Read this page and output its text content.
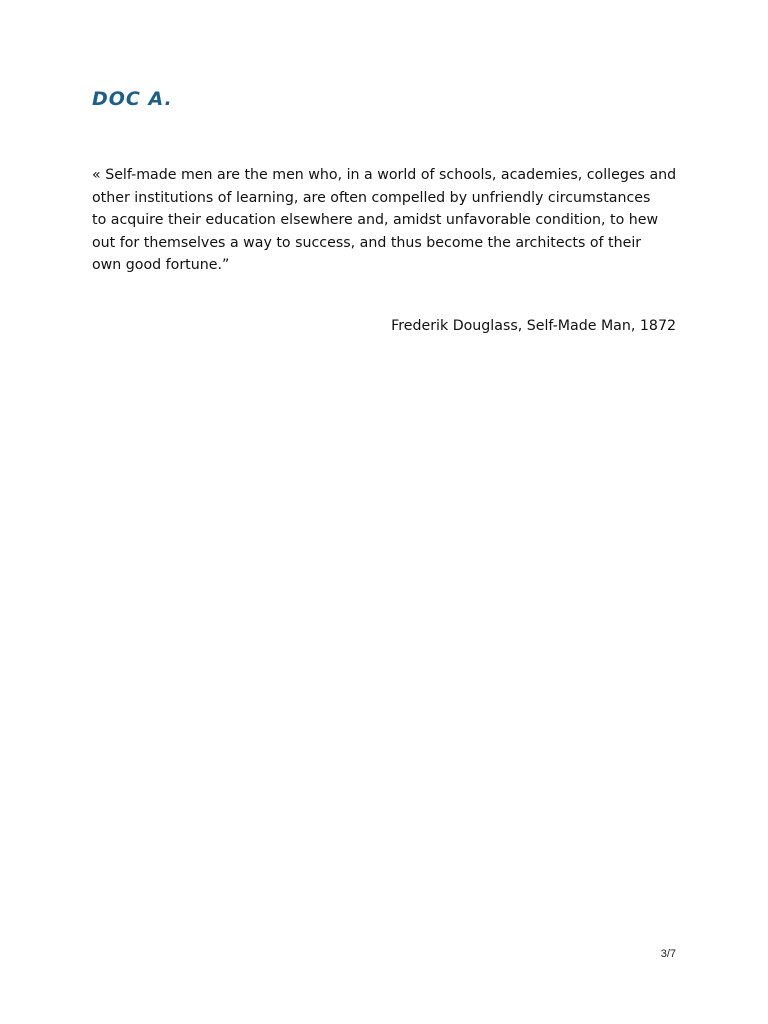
DOC A.

« Self-made men are the men who, in a world of schools, academies, colleges and
other institutions of learning, are often compelled by unfriendly circumstances
to acquire their education elsewhere and, amidst unfavorable condition, to hew
out for themselves a way to success, and thus become the architects of their
own good fortune.”

Frederik Douglass, Self-Made Man, 1872

3/7
